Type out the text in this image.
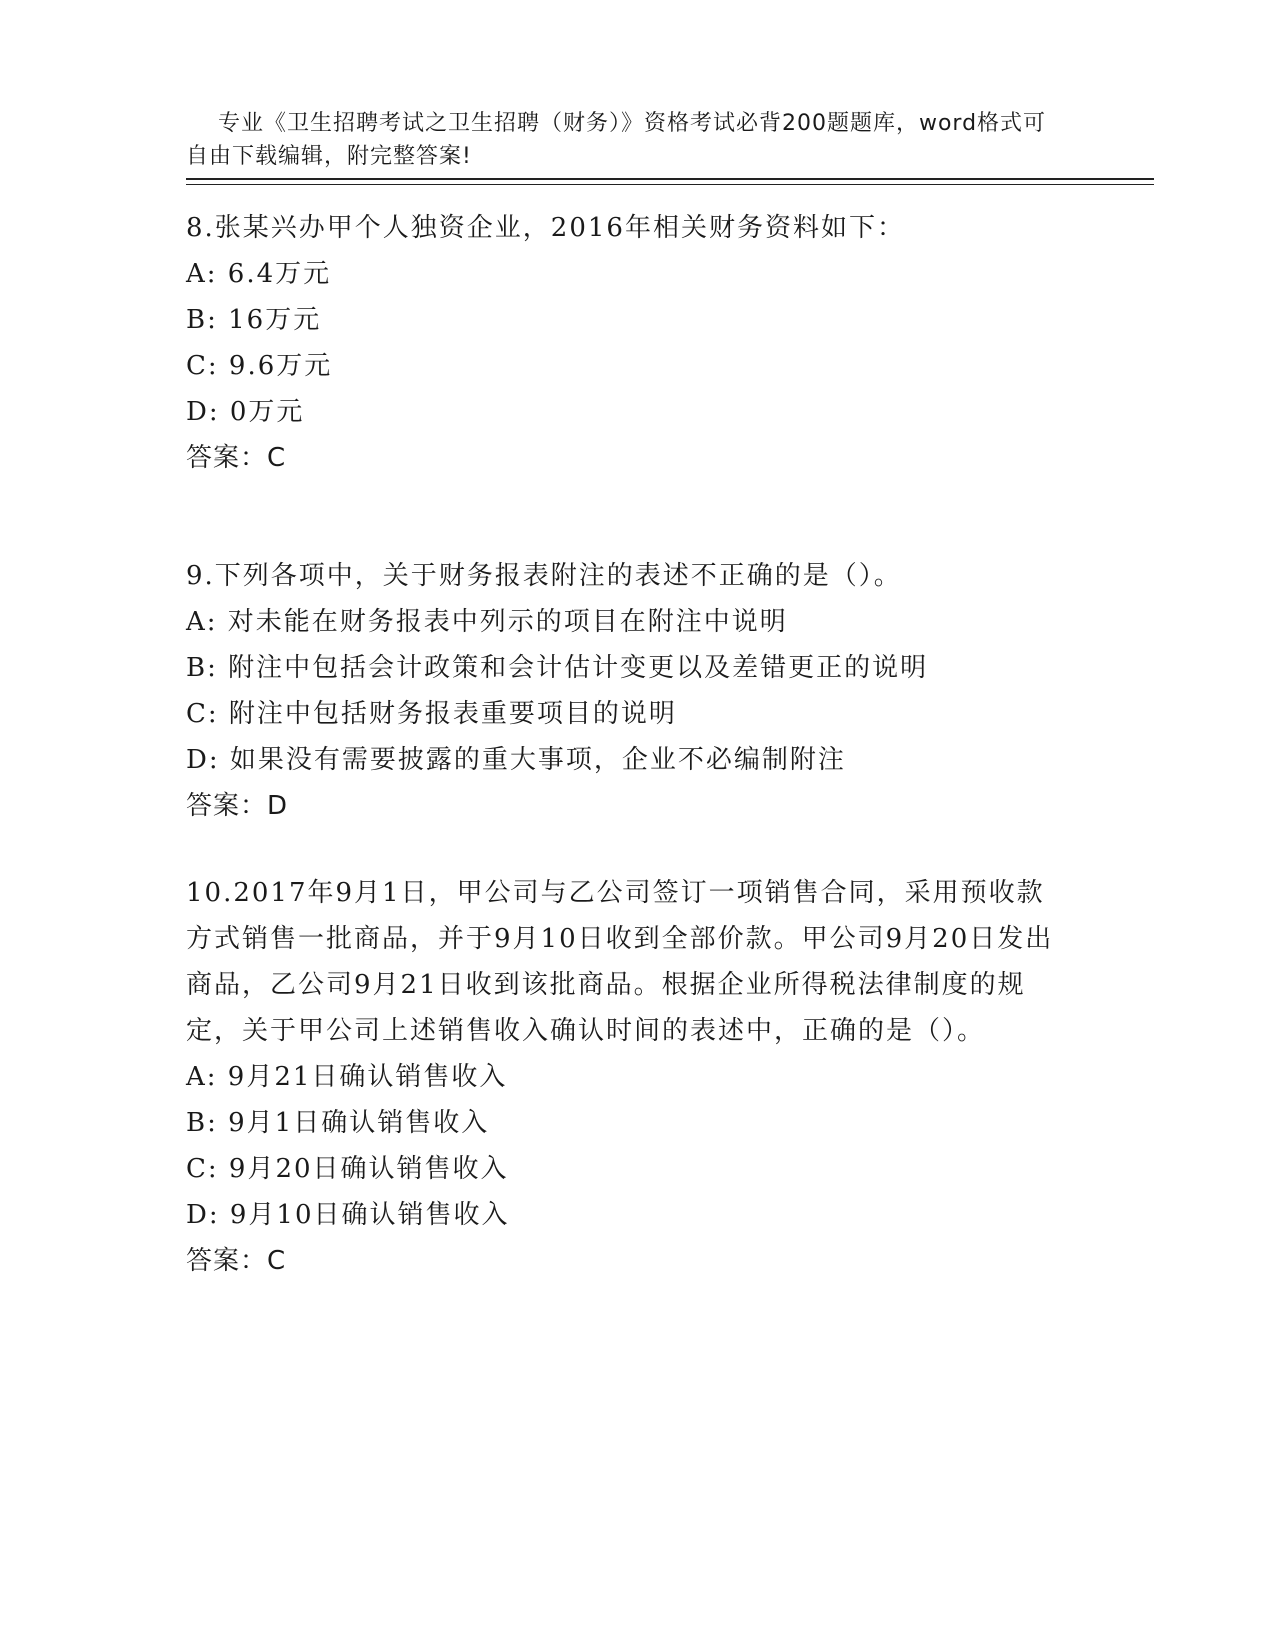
专业《卫生招聘考试之卫生招聘（财务）》资格考试必背200题题库，word格式可自由下载编辑，附完整答案!

8.张某兴办甲个人独资企业，2016年相关财务资料如下：
A: 6.4万元
B: 16万元
C: 9.6万元
D: 0万元
答案：C
9.下列各项中，关于财务报表附注的表述不正确的是（）。
A: 对未能在财务报表中列示的项目在附注中说明
B: 附注中包括会计政策和会计估计变更以及差错更正的说明
C: 附注中包括财务报表重要项目的说明
D: 如果没有需要披露的重大事项，企业不必编制附注
答案：D
10.2017年9月1日，甲公司与乙公司签订一项销售合同，采用预收款方式销售一批商品，并于9月10日收到全部价款。甲公司9月20日发出商品，乙公司9月21日收到该批商品。根据企业所得税法律制度的规定，关于甲公司上述销售收入确认时间的表述中，正确的是（）。
A: 9月21日确认销售收入
B: 9月1日确认销售收入
C: 9月20日确认销售收入
D: 9月10日确认销售收入
答案：C
